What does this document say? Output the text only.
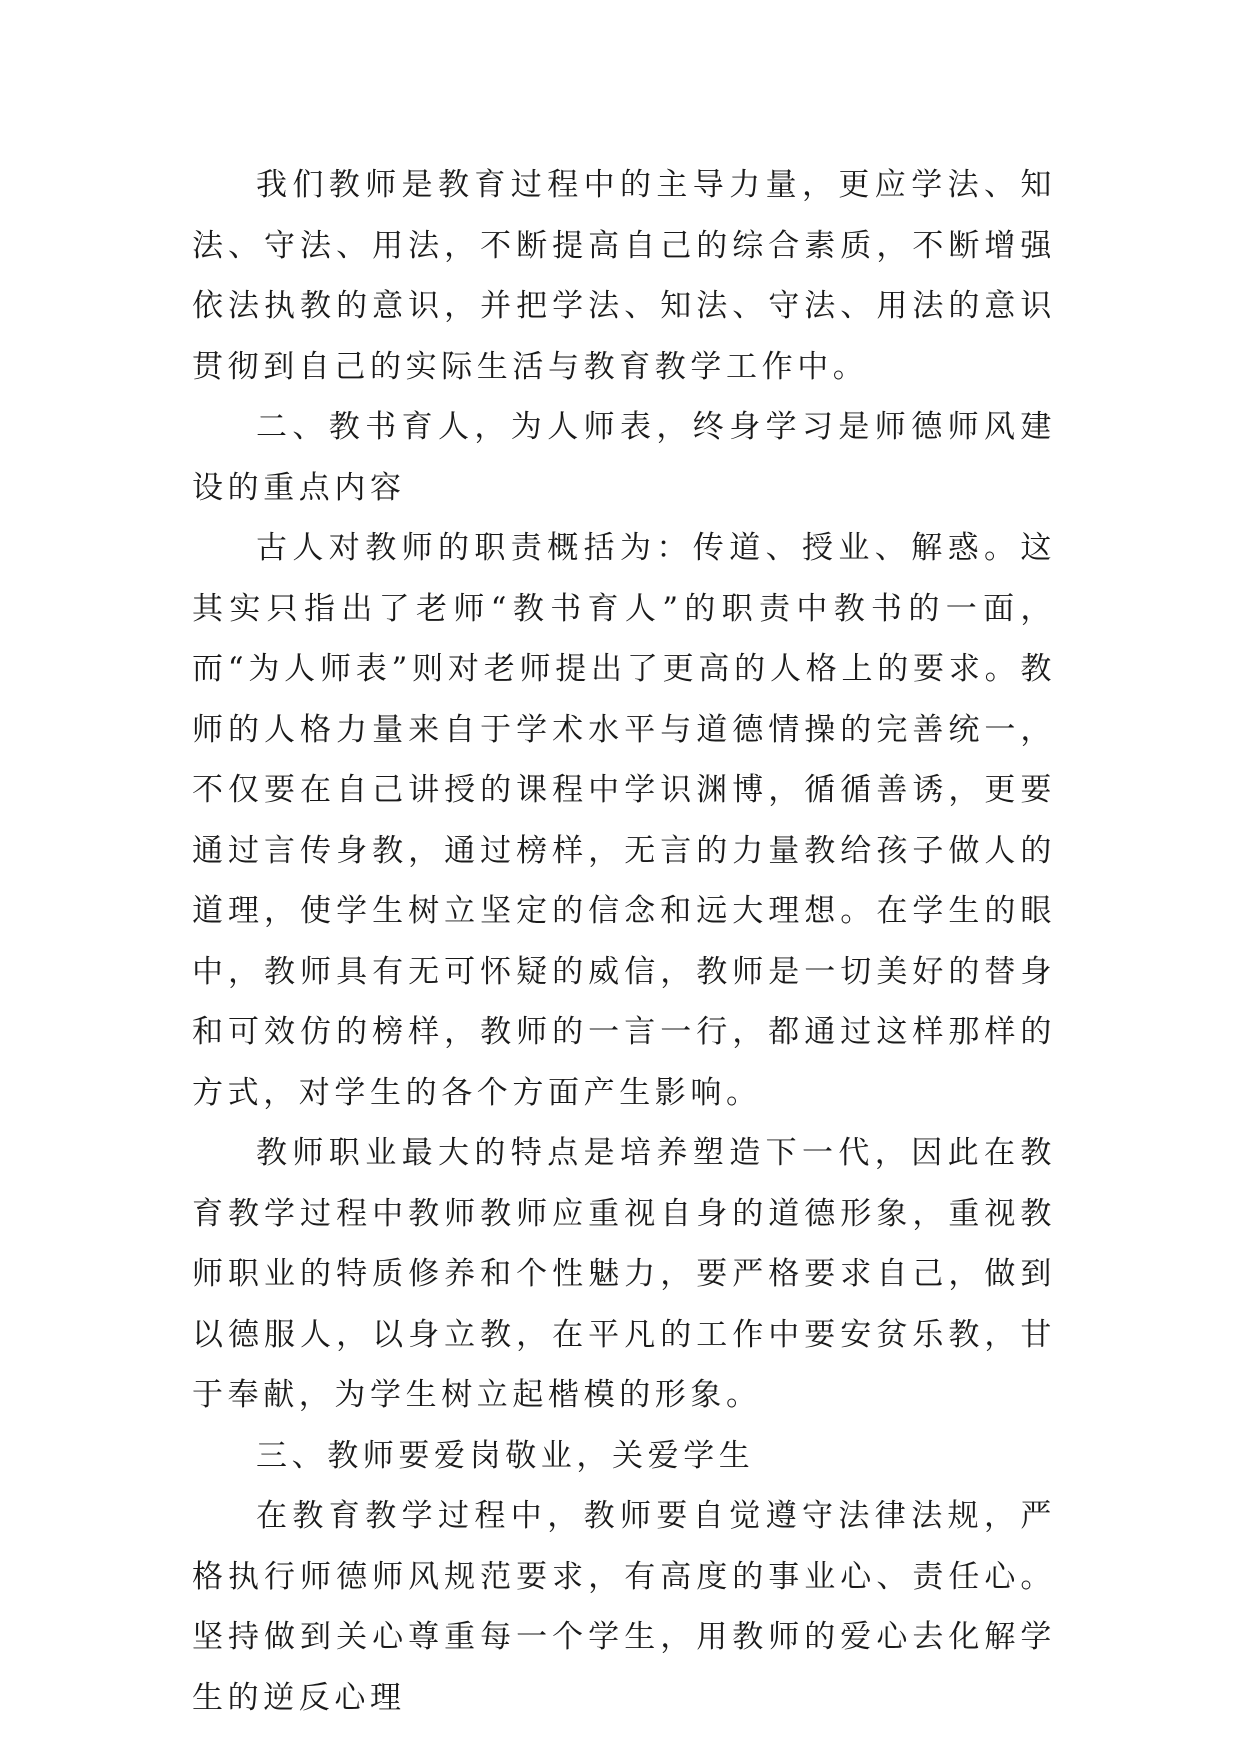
我们教师是教育过程中的主导力量，更应学法、知法、守法、用法，不断提高自己的综合素质，不断增强依法执教的意识，并把学法、知法、守法、用法的意识贯彻到自己的实际生活与教育教学工作中。

二、教书育人，为人师表，终身学习是师德师风建设的重点内容

古人对教师的职责概括为：传道、授业、解惑。这其实只指出了老师“教书育人”的职责中教书的一面，而“为人师表”则对老师提出了更高的人格上的要求。教师的人格力量来自于学术水平与道德情操的完善统一，不仅要在自己讲授的课程中学识渊博，循循善诱，更要通过言传身教，通过榜样，无言的力量教给孩子做人的道理，使学生树立坚定的信念和远大理想。在学生的眼中，教师具有无可怀疑的威信，教师是一切美好的替身和可效仿的榜样，教师的一言一行，都通过这样那样的方式，对学生的各个方面产生影响。

教师职业最大的特点是培养塑造下一代，因此在教育教学过程中教师教师应重视自身的道德形象，重视教师职业的特质修养和个性魅力，要严格要求自己，做到以德服人，以身立教，在平凡的工作中要安贫乐教，甘于奉献，为学生树立起楷模的形象。

三、教师要爱岗敬业，关爱学生

在教育教学过程中，教师要自觉遵守法律法规，严格执行师德师风规范要求，有高度的事业心、责任心。坚持做到关心尊重每一个学生，用教师的爱心去化解学生的逆反心理
